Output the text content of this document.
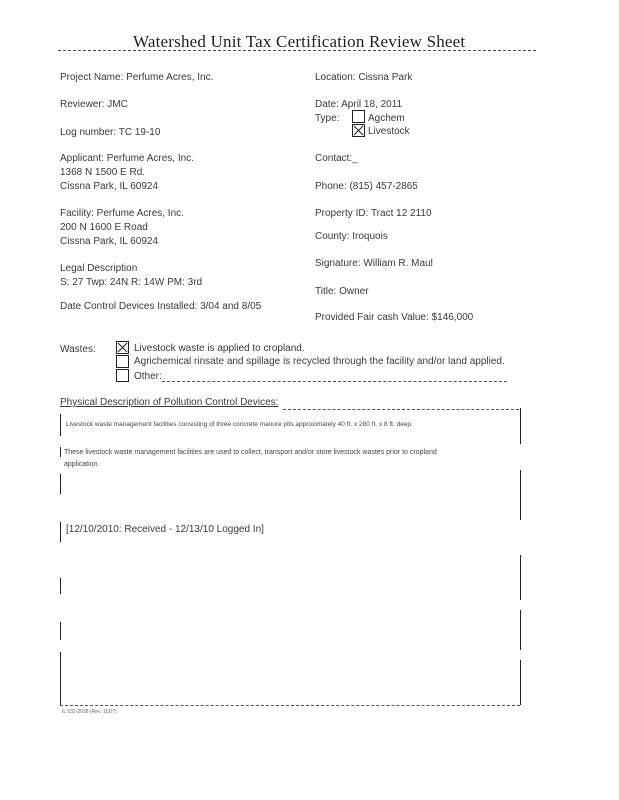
Watershed Unit Tax Certification Review Sheet
Project Name: Perfume Acres, Inc.
Reviewer: JMC
Log number: TC 19-10
Applicant: Perfume Acres, Inc.
1368 N 1500 E Rd.
Cissna Park, IL 60924
Facility: Perfume Acres, Inc.
200 N 1600 E Road
Cissna Park, IL 60924
Legal Description
S: 27 Twp: 24N R: 14W PM: 3rd
Date Control Devices Installed: 3/04 and 8/05
Location: Cissna Park
Date: April 18, 2011
Type:	Agchem
Livestock
Contact:_
Phone: (815) 457-2865
Property ID: Tract 12 2110
County: Iroquois
Signature: William R. Maul
Title: Owner
Provided Fair cash Value: $146,000
Wastes:	Livestock waste is applied to cropland.
Agrichemical rinsate and spillage is recycled through the facility and/or land applied.
Other:
Physical Description of Pollution Control Devices:
Livestock waste management facilities consisting of three concrete manure pits approximately 40 ft. x 280 ft. x 8 ft. deep.
These livestock waste management facilities are used to collect, transport and/or store livestock wastes prior to cropland
application.
[12/10/2010: Received - 12/13/10 Logged In]
IL 532-2038 (Rev. 11/07)
